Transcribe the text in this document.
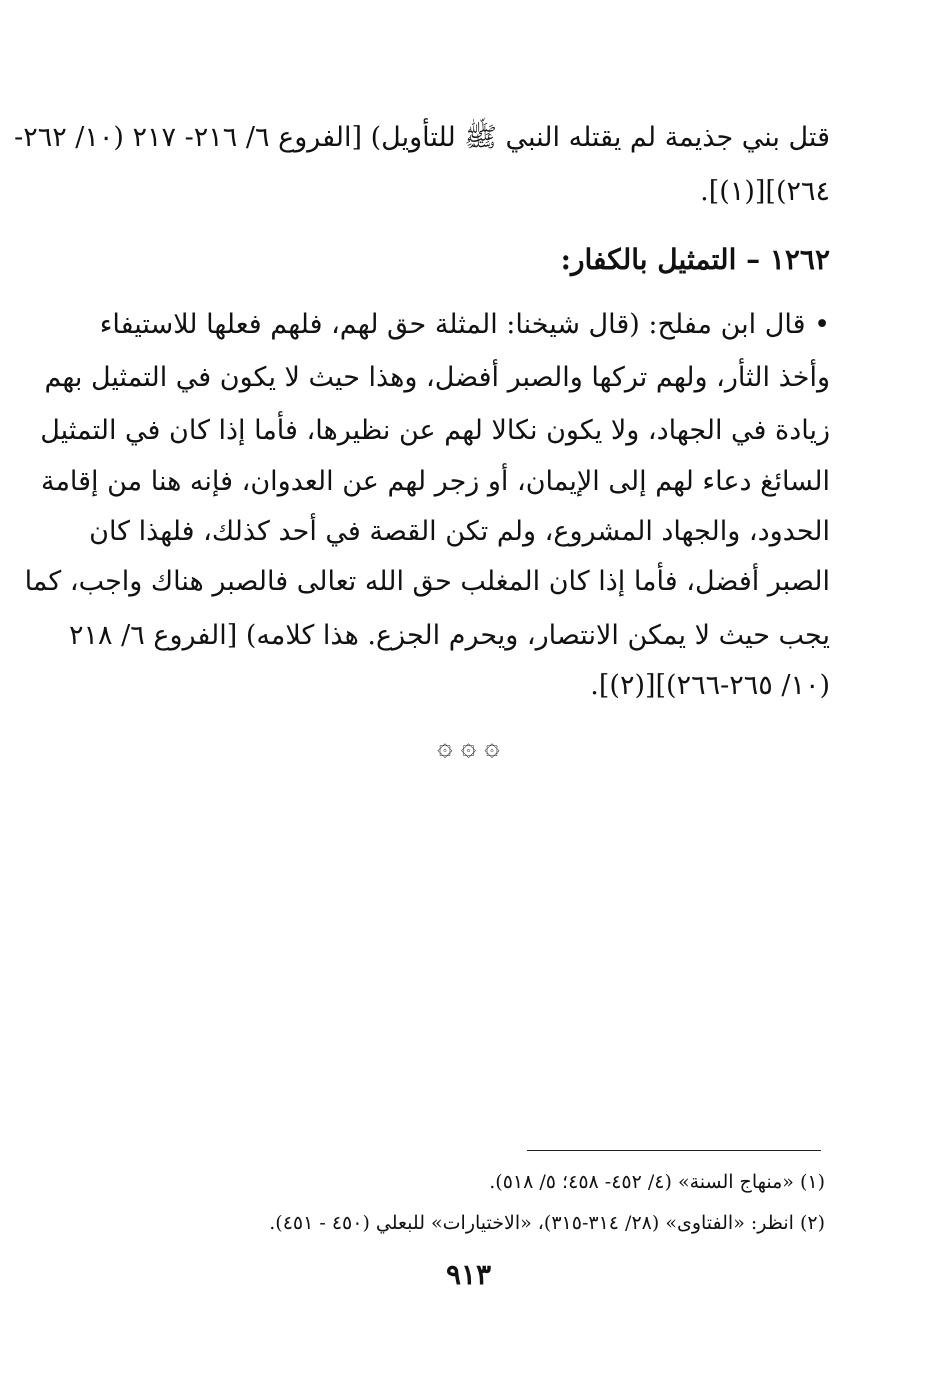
قتل بني جذيمة لم يقتله النبي ﷺ للتأويل) [الفروع ٦/ ٢١٦- ٢١٧ (١٠/ ٢٦٢-
٢٦٤)][(١)].
١٢٦٢ – التمثيل بالكفار:
• قال ابن مفلح: (قال شيخنا: المثلة حق لهم، فلهم فعلها للاستيفاء
وأخذ الثأر، ولهم تركها والصبر أفضل، وهذا حيث لا يكون في التمثيل بهم
زيادة في الجهاد، ولا يكون نكالا لهم عن نظيرها، فأما إذا كان في التمثيل
السائغ دعاء لهم إلى الإيمان، أو زجر لهم عن العدوان، فإنه هنا من إقامة
الحدود، والجهاد المشروع، ولم تكن القصة في أحد كذلك، فلهذا كان
الصبر أفضل، فأما إذا كان المغلب حق الله تعالى فالصبر هناك واجب، كما
يجب حيث لا يمكن الانتصار، ويحرم الجزع. هذا كلامه) [الفروع ٦/ ٢١٨
(١٠/ ٢٦٥-٢٦٦)][(٢)].
۞ ۞ ۞
(١) «منهاج السنة» (٤/ ٤٥٢- ٤٥٨؛ ٥/ ٥١٨).
(٢) انظر: «الفتاوى» (٢٨/ ٣١٤-٣١٥)، «الاختيارات» للبعلي (٤٥٠ - ٤٥١).
٩١٣
